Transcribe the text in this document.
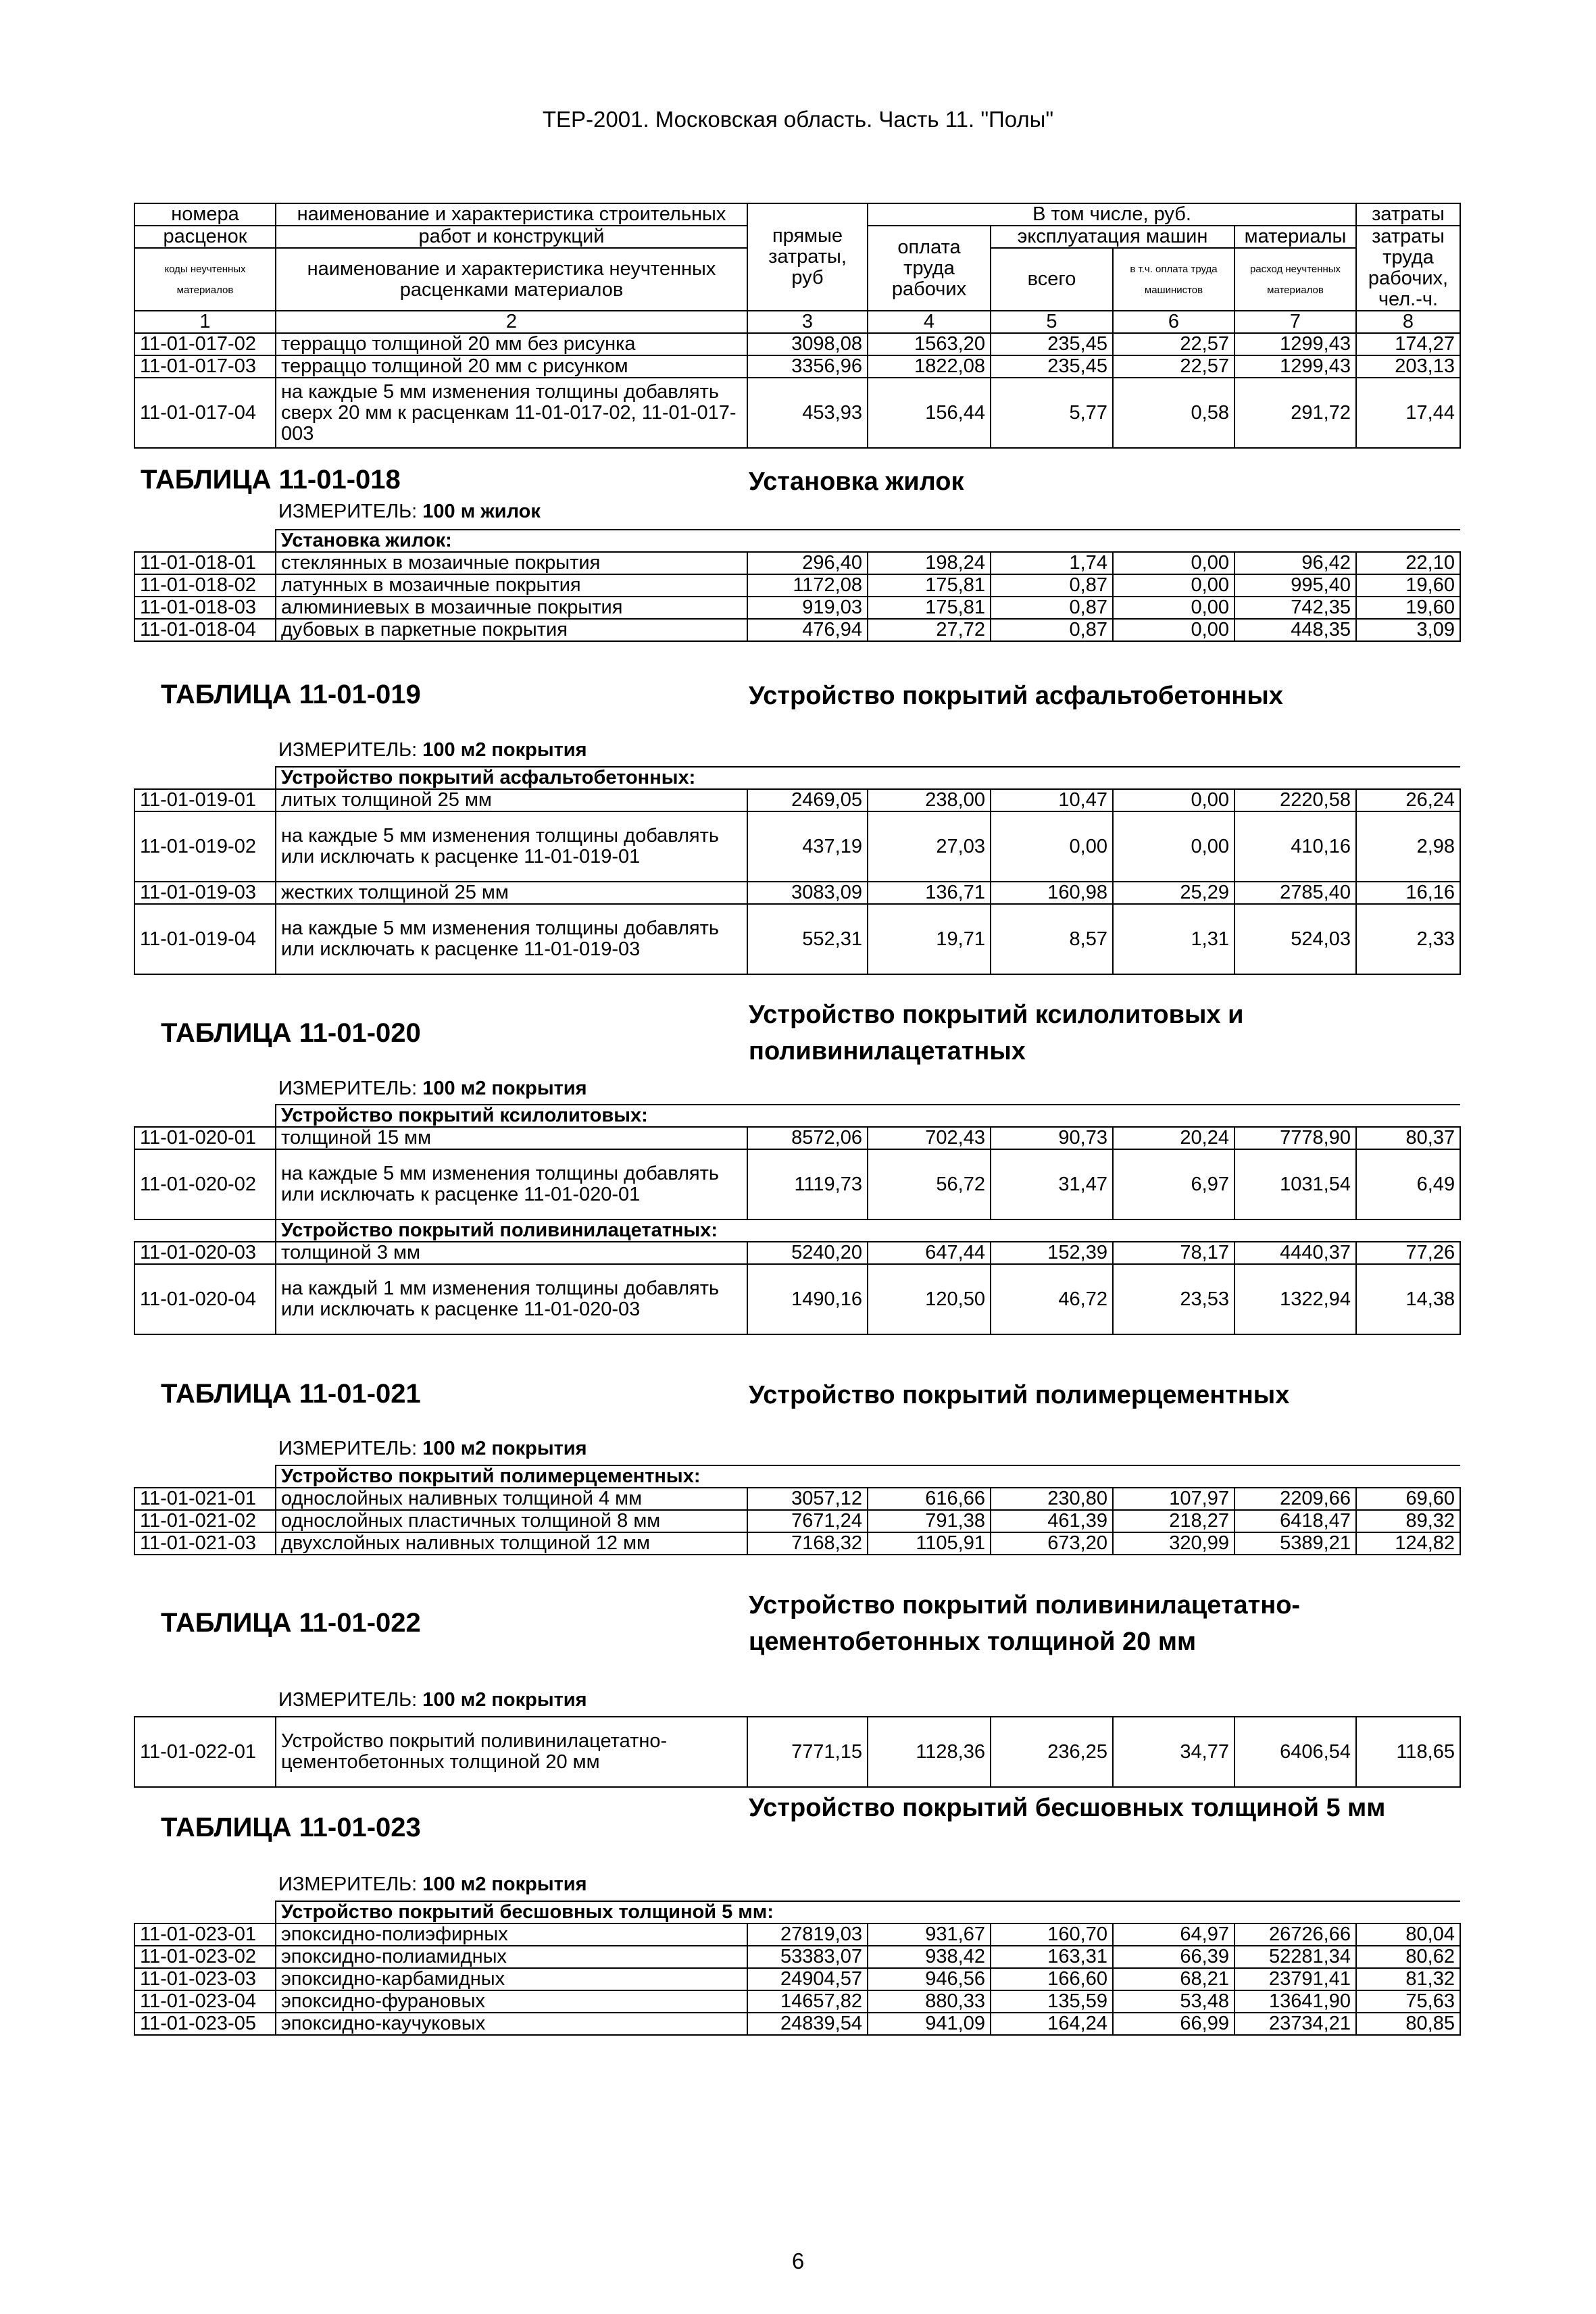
ТЕР-2001. Московская область. Часть 11. "Полы"
номера	наименование и характеристика строительных	прямые затраты, руб	В том числе, руб.				затраты
расценок	работ и конструкций		оплата труда рабочих	эксплуатация машин		материалы	затраты труда рабочих, чел.-ч.
коды неучтенных материалов	наименование и характеристика неучтенных расценками материалов			всего	в т.ч. оплата труда машинистов	расход неучтенных материалов	

1	2	3	4	5	6	7	8
11-01-017-02	терраццо толщиной 20 мм без рисунка	3098,08	1563,20	235,45	22,57	1299,43	174,27
11-01-017-03	терраццо толщиной 20 мм с рисунком	3356,96	1822,08	235,45	22,57	1299,43	203,13
11-01-017-04	на каждые 5 мм изменения толщины добавлять сверх 20 мм к расценкам 11-01-017-02, 11-01-017-003	453,93	156,44	5,77	0,58	291,72	17,44
ТАБЛИЦА 11-01-018	Установка жилок
ИЗМЕРИТЕЛЬ: 100 м жилок
	Установка жилок:						
11-01-018-01	стеклянных в мозаичные покрытия	296,40	198,24	1,74	0,00	96,42	22,10
11-01-018-02	латунных в мозаичные покрытия	1172,08	175,81	0,87	0,00	995,40	19,60
11-01-018-03	алюминиевых в мозаичные покрытия	919,03	175,81	0,87	0,00	742,35	19,60
11-01-018-04	дубовых в паркетные покрытия	476,94	27,72	0,87	0,00	448,35	3,09
ТАБЛИЦА 11-01-019	Устройство покрытий асфальтобетонных
ИЗМЕРИТЕЛЬ: 100 м2 покрытия
	Устройство покрытий асфальтобетонных:						
11-01-019-01	литых толщиной 25 мм	2469,05	238,00	10,47	0,00	2220,58	26,24
11-01-019-02	на каждые 5 мм изменения толщины добавлять или исключать к расценке 11-01-019-01	437,19	27,03	0,00	0,00	410,16	2,98
11-01-019-03	жестких толщиной 25 мм	3083,09	136,71	160,98	25,29	2785,40	16,16
11-01-019-04	на каждые 5 мм изменения толщины добавлять или исключать к расценке 11-01-019-03	552,31	19,71	8,57	1,31	524,03	2,33
ТАБЛИЦА 11-01-020
Устройство покрытий ксилолитовых и поливинилацетатных
ИЗМЕРИТЕЛЬ: 100 м2 покрытия
	Устройство покрытий ксилолитовых:						
11-01-020-01	толщиной 15 мм	8572,06	702,43	90,73	20,24	7778,90	80,37
11-01-020-02	на каждые 5 мм изменения толщины добавлять или исключать к расценке 11-01-020-01	1119,73	56,72	31,47	6,97	1031,54	6,49
	Устройство покрытий поливинилацетатных:						
11-01-020-03	толщиной 3 мм	5240,20	647,44	152,39	78,17	4440,37	77,26
11-01-020-04	на каждый 1 мм изменения толщины добавлять или исключать к расценке 11-01-020-03	1490,16	120,50	46,72	23,53	1322,94	14,38
ТАБЛИЦА 11-01-021	Устройство покрытий полимерцементных
ИЗМЕРИТЕЛЬ: 100 м2 покрытия
	Устройство покрытий полимерцементных:						
11-01-021-01	однослойных наливных толщиной 4 мм	3057,12	616,66	230,80	107,97	2209,66	69,60
11-01-021-02	однослойных пластичных толщиной 8 мм	7671,24	791,38	461,39	218,27	6418,47	89,32
11-01-021-03	двухслойных наливных толщиной 12 мм	7168,32	1105,91	673,20	320,99	5389,21	124,82
ТАБЛИЦА 11-01-022
Устройство покрытий поливинилацетатно-цементобетонных толщиной 20 мм
ИЗМЕРИТЕЛЬ: 100 м2 покрытия
11-01-022-01	Устройство покрытий поливинилацетатно-цементобетонных толщиной 20 мм	7771,15	1128,36	236,25	34,77	6406,54	118,65
ТАБЛИЦА 11-01-023
Устройство покрытий бесшовных толщиной 5 мм
ИЗМЕРИТЕЛЬ: 100 м2 покрытия
	Устройство покрытий бесшовных толщиной 5 мм:						
11-01-023-01	эпоксидно-полиэфирных	27819,03	931,67	160,70	64,97	26726,66	80,04
11-01-023-02	эпоксидно-полиамидных	53383,07	938,42	163,31	66,39	52281,34	80,62
11-01-023-03	эпоксидно-карбамидных	24904,57	946,56	166,60	68,21	23791,41	81,32
11-01-023-04	эпоксидно-фурановых	14657,82	880,33	135,59	53,48	13641,90	75,63
11-01-023-05	эпоксидно-каучуковых	24839,54	941,09	164,24	66,99	23734,21	80,85
6
